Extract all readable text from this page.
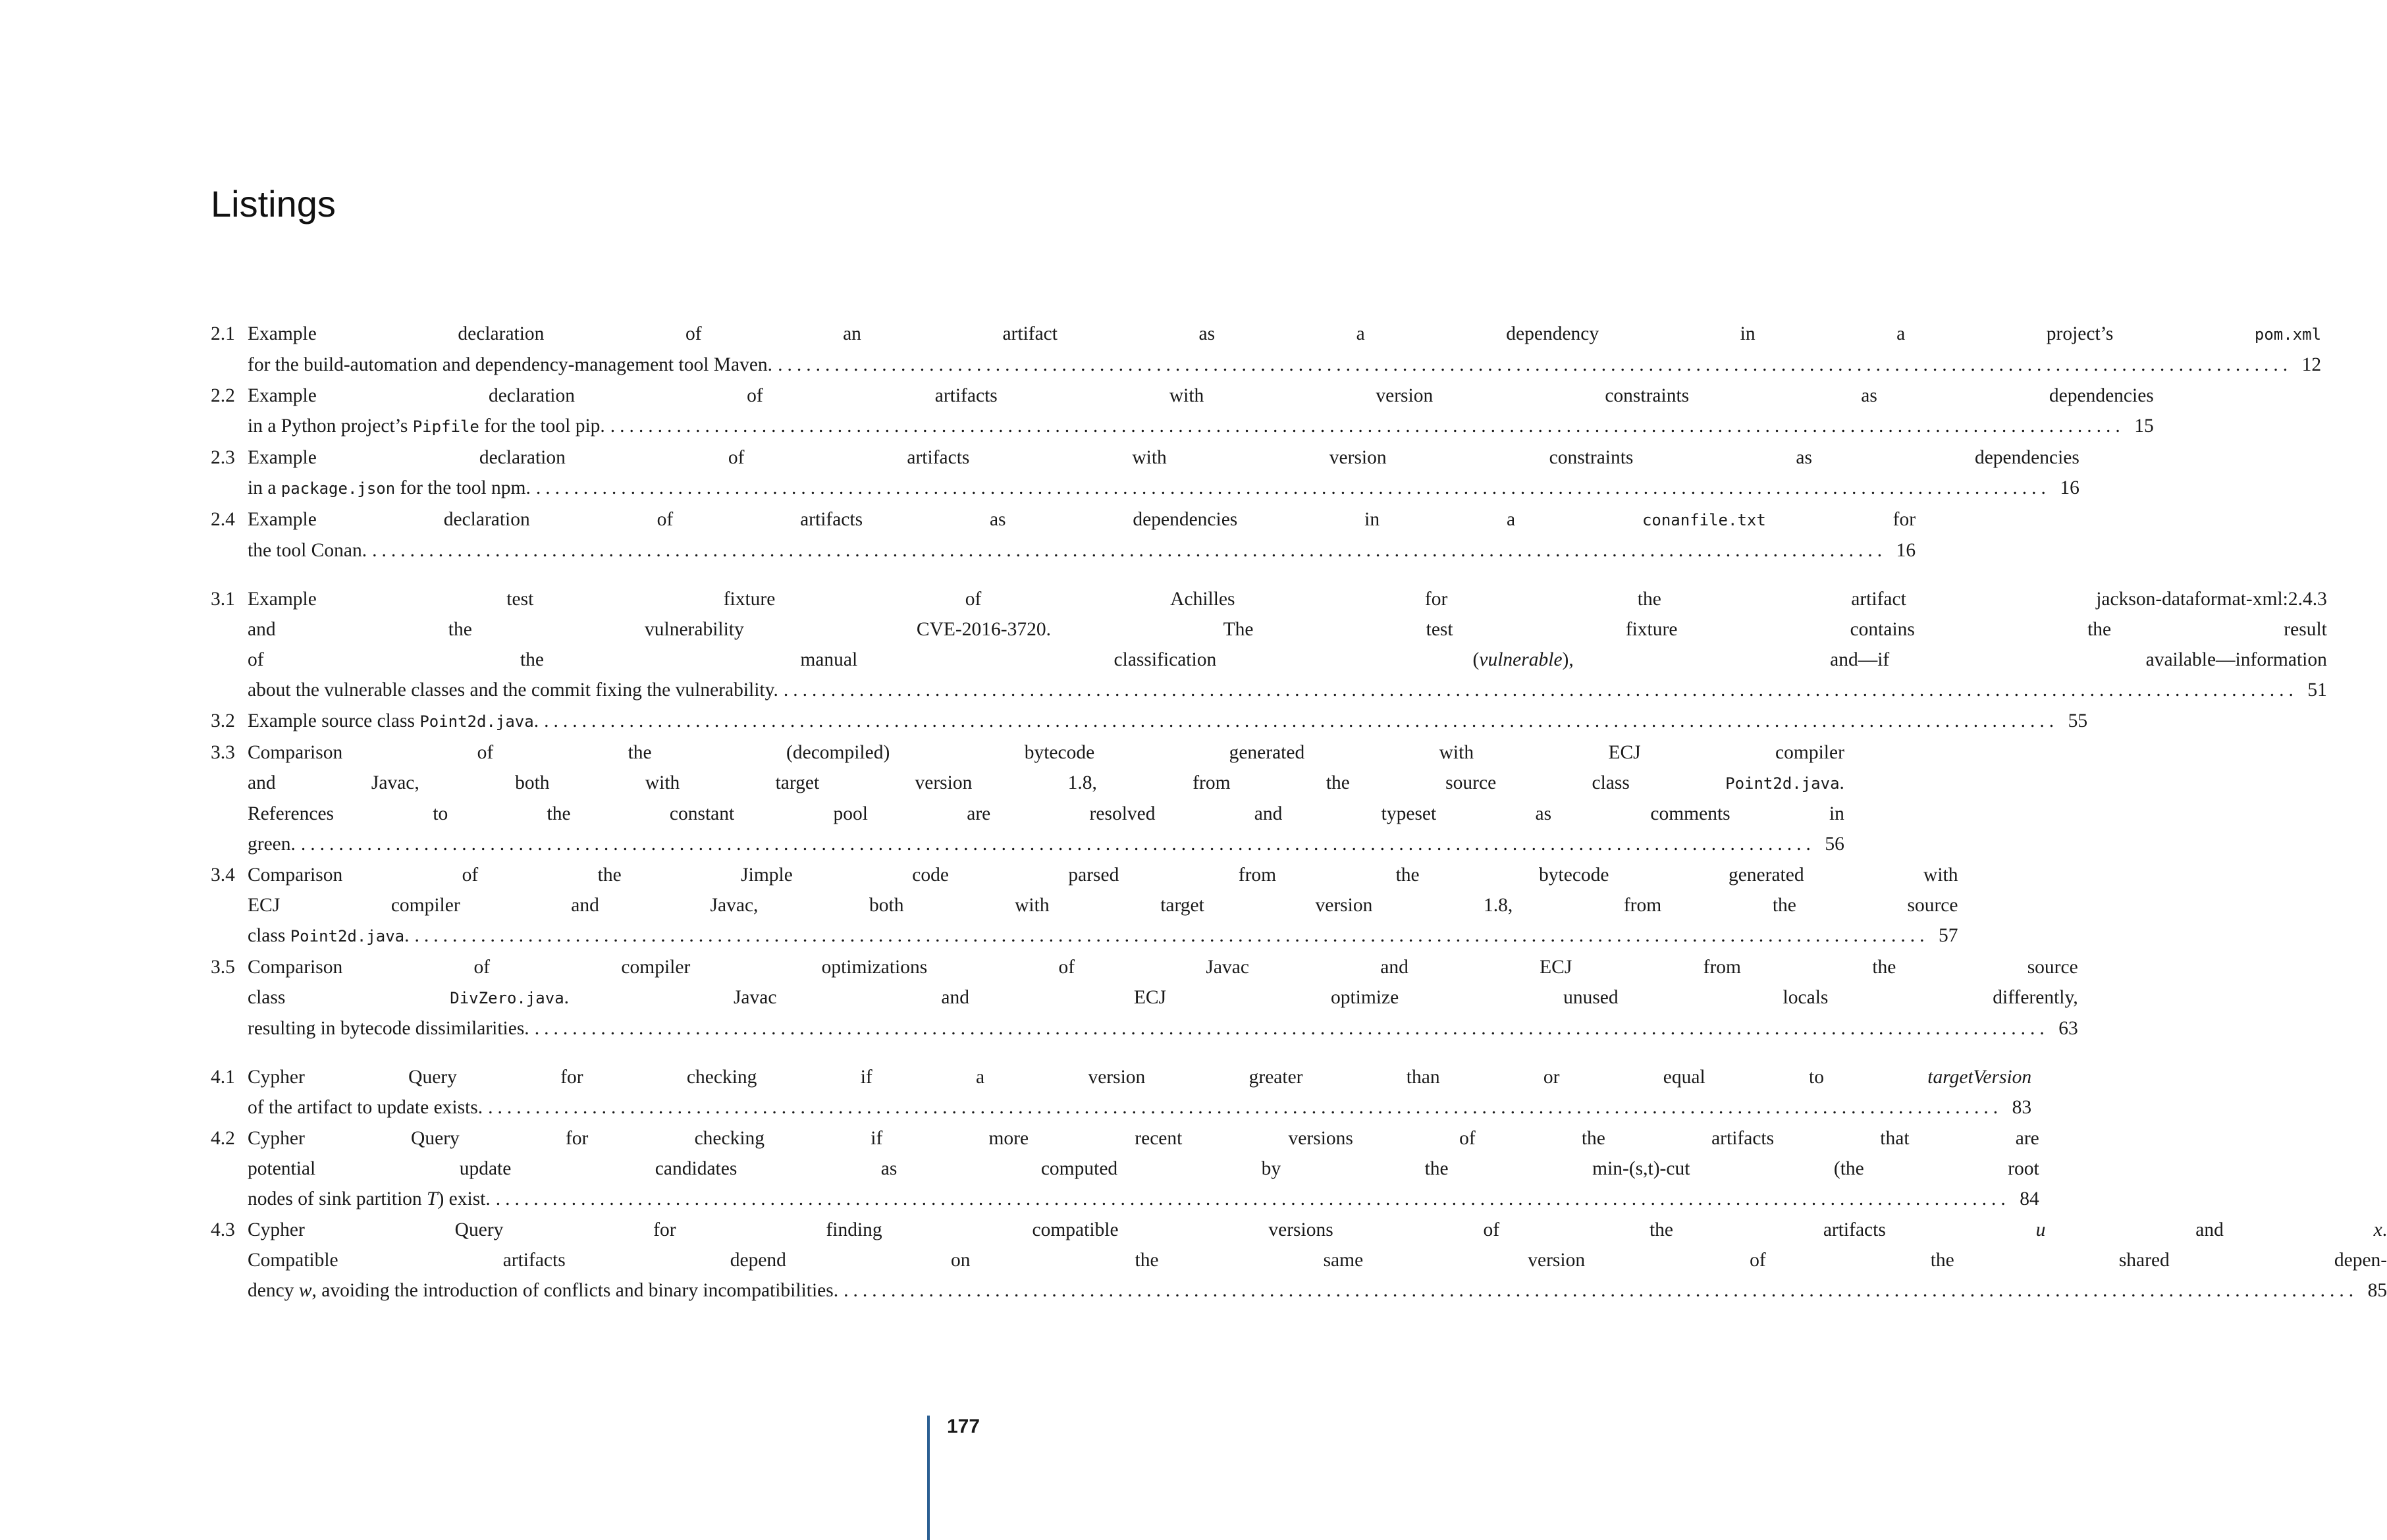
Listings
2.1 Example declaration of an artifact as a dependency in a project’s pom.xml
for the build-automation and dependency-management tool Maven. ................................................................................................................................................................ 12
2.2 Example declaration of artifacts with version constraints as dependencies
in a Python project’s Pipfile for the tool pip. ................................................................................................................................................................ 15
2.3 Example declaration of artifacts with version constraints as dependencies
in a package.json for the tool npm. ................................................................................................................................................................ 16
2.4 Example declaration of artifacts as dependencies in a conanfile.txt for
the tool Conan. ................................................................................................................................................................ 16
3.1 Example test fixture of Achilles for the artifact jackson-dataformat-xml:2.4.3
and the vulnerability CVE-2016-3720. The test fixture contains the result
of the manual classification (vulnerable), and—if available—information
about the vulnerable classes and the commit fixing the vulnerability. ................................................................................................................................................................ 51
3.2 Example source class Point2d.java. ................................................................................................................................................................ 55
3.3 Comparison of the (decompiled) bytecode generated with ECJ compiler
and Javac, both with target version 1.8, from the source class Point2d.java.
References to the constant pool are resolved and typeset as comments in
green. ................................................................................................................................................................ 56
3.4 Comparison of the Jimple code parsed from the bytecode generated with
ECJ compiler and Javac, both with target version 1.8, from the source
class Point2d.java. ................................................................................................................................................................ 57
3.5 Comparison of compiler optimizations of Javac and ECJ from the source
class DivZero.java. Javac and ECJ optimize unused locals differently,
resulting in bytecode dissimilarities. ................................................................................................................................................................ 63
4.1 Cypher Query for checking if a version greater than or equal to targetVersion
of the artifact to update exists. ................................................................................................................................................................ 83
4.2 Cypher Query for checking if more recent versions of the artifacts that are
potential update candidates as computed by the min-(s,t)-cut (the root
nodes of sink partition T) exist. ................................................................................................................................................................ 84
4.3 Cypher Query for finding compatible versions of the artifacts u and x.
Compatible artifacts depend on the same version of the shared depen-
dency w, avoiding the introduction of conflicts and binary incompatibilities. ................................................................................................................................................................ 85
177
